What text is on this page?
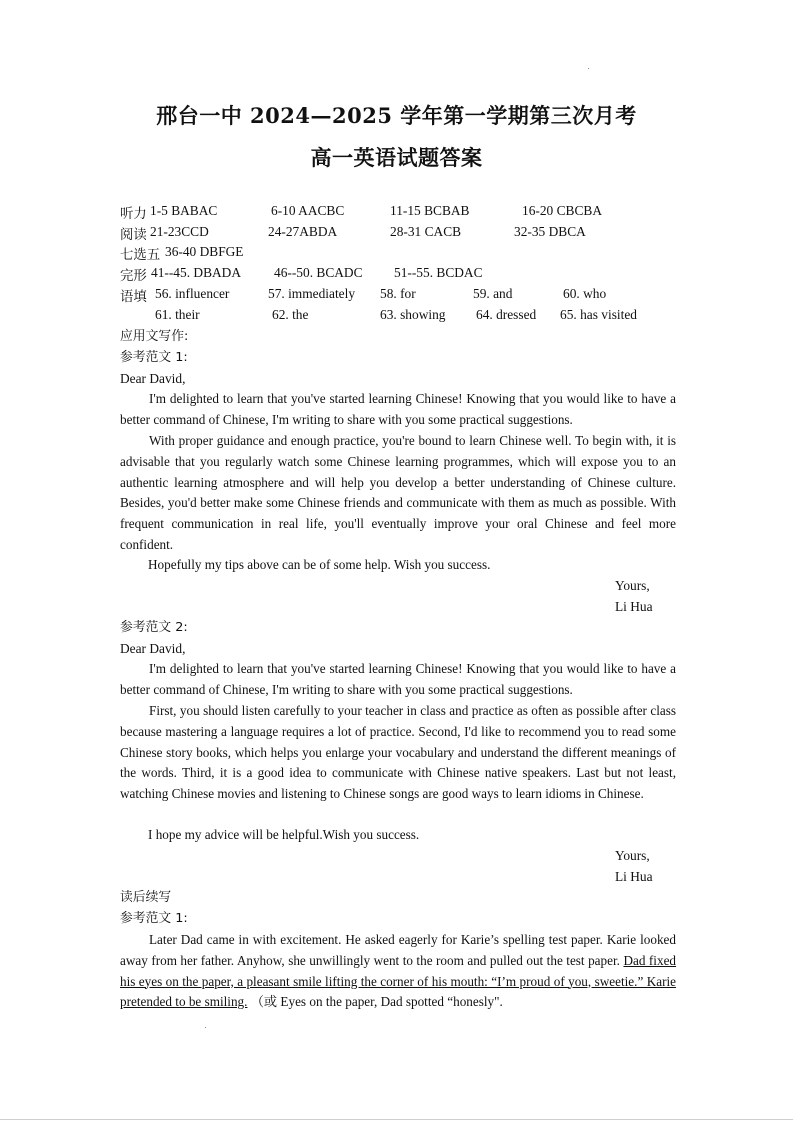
邢台一中 2024—2025 学年第一学期第三次月考
高一英语试题答案
听力 1-5 BABAC	6-10 AACBC	11-15 BCBAB	16-20 CBCBA
阅读 21-23CCD	24-27ABDA	28-31 CACB	32-35 DBCA
七选五 36-40 DBFGE
完形 41--45. DBADA 46--50. BCADC 51--55. BCDAC
语填 56. influencer	57. immediately 58. for	59. and	60. who
61. their	62. the	63. showing 64. dressed 65. has visited
应用文写作:
参考范文 1:
Dear David,
I'm delighted to learn that you've started learning Chinese! Knowing that you would like to have a better command of Chinese, I'm writing to share with you some practical suggestions.
With proper guidance and enough practice, you're bound to learn Chinese well. To begin with, it is advisable that you regularly watch some Chinese learning programmes, which will expose you to an authentic learning atmosphere and will help you develop a better understanding of Chinese culture. Besides, you'd better make some Chinese friends and communicate with them as much as possible. With frequent communication in real life, you'll eventually improve your oral Chinese and feel more confident.
Hopefully my tips above can be of some help. Wish you success.
Yours,
Li Hua
参考范文 2:
Dear David,
I'm delighted to learn that you've started learning Chinese! Knowing that you would like to have a better command of Chinese, I'm writing to share with you some practical suggestions.
First, you should listen carefully to your teacher in class and practice as often as possible after class because mastering a language requires a lot of practice. Second, I'd like to recommend you to read some Chinese story books, which helps you enlarge your vocabulary and understand the different meanings of the words. Third, it is a good idea to communicate with Chinese native speakers. Last but not least, watching Chinese movies and listening to Chinese songs are good ways to learn idioms in Chinese.
I hope my advice will be helpful.Wish you success.
Yours,
Li Hua
读后续写
参考范文 1:
Later Dad came in with excitement. He asked eagerly for Karie’s spelling test paper. Karie looked away from her father. Anyhow, she unwillingly went to the room and pulled out the test paper. Dad fixed his eyes on the paper, a pleasant smile lifting the corner of his mouth: “I’m proud of you, sweetie.” Karie pretended to be smiling. （或 Eyes on the paper, Dad spotted “honesly".
